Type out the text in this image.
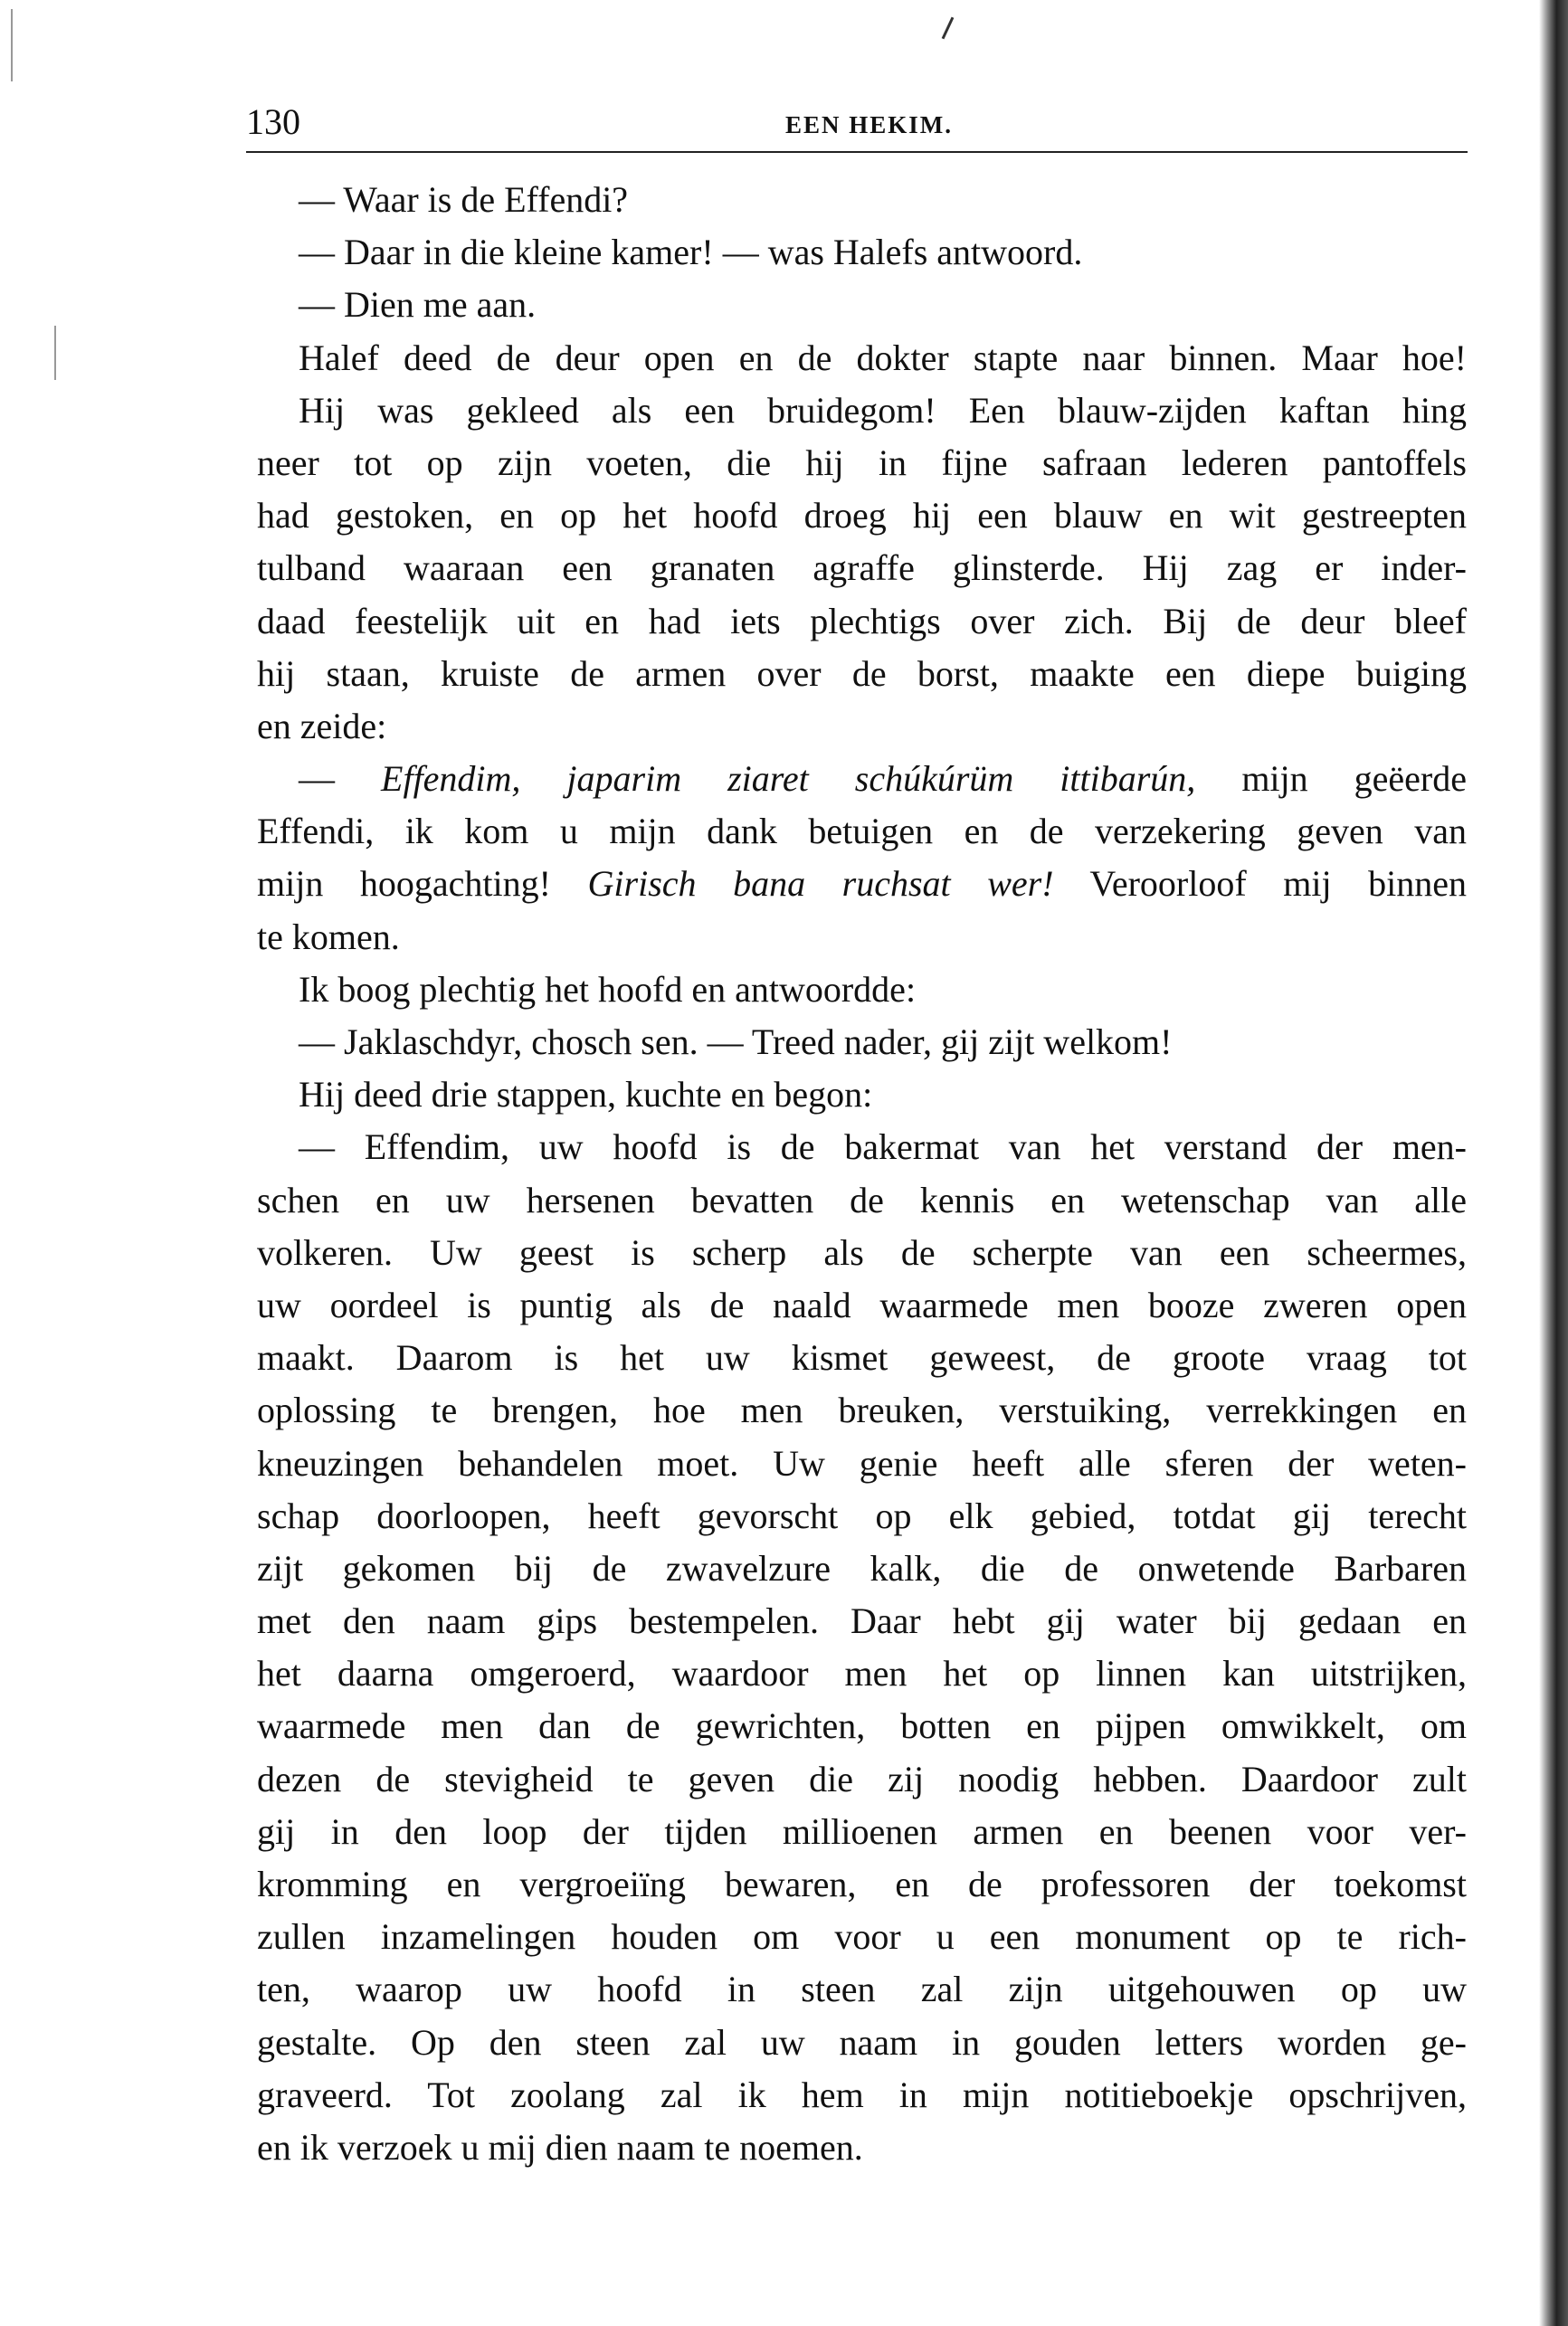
130	EEN HEKIM.
— Waar is de Effendi?
— Daar in die kleine kamer! — was Halefs antwoord.
— Dien me aan.
Halef deed de deur open en de dokter stapte naar binnen. Maar hoe!
Hij was gekleed als een bruidegom! Een blauw-zijden kaftan hing
neer tot op zijn voeten, die hij in fijne safraan lederen pantoffels
had gestoken, en op het hoofd droeg hij een blauw en wit gestreepten
tulband waaraan een granaten agraffe glinsterde. Hij zag er inder-
daad feestelijk uit en had iets plechtigs over zich. Bij de deur bleef
hij staan, kruiste de armen over de borst, maakte een diepe buiging
en zeide:
— Effendim, japarim ziaret schúkúrüm ittibarún, mijn geëerde
Effendi, ik kom u mijn dank betuigen en de verzekering geven van
mijn hoogachting! Girisch bana ruchsat wer! Veroorloof mij binnen
te komen.
Ik boog plechtig het hoofd en antwoordde:
— Jaklaschdyr, chosch sen. — Treed nader, gij zijt welkom!
Hij deed drie stappen, kuchte en begon:
— Effendim, uw hoofd is de bakermat van het verstand der men-
schen en uw hersenen bevatten de kennis en wetenschap van alle
volkeren. Uw geest is scherp als de scherpte van een scheermes,
uw oordeel is puntig als de naald waarmede men booze zweren open
maakt. Daarom is het uw kismet geweest, de groote vraag tot
oplossing te brengen, hoe men breuken, verstuiking, verrekkingen en
kneuzingen behandelen moet. Uw genie heeft alle sferen der weten-
schap doorloopen, heeft gevorscht op elk gebied, totdat gij terecht
zijt gekomen bij de zwavelzure kalk, die de onwetende Barbaren
met den naam gips bestempelen. Daar hebt gij water bij gedaan en
het daarna omgeroerd, waardoor men het op linnen kan uitstrijken,
waarmede men dan de gewrichten, botten en pijpen omwikkelt, om
dezen de stevigheid te geven die zij noodig hebben. Daardoor zult
gij in den loop der tijden millioenen armen en beenen voor ver-
kromming en vergroeiïng bewaren, en de professoren der toekomst
zullen inzamelingen houden om voor u een monument op te rich-
ten, waarop uw hoofd in steen zal zijn uitgehouwen op uw
gestalte. Op den steen zal uw naam in gouden letters worden ge-
graveerd. Tot zoolang zal ik hem in mijn notitieboekje opschrijven,
en ik verzoek u mij dien naam te noemen.
